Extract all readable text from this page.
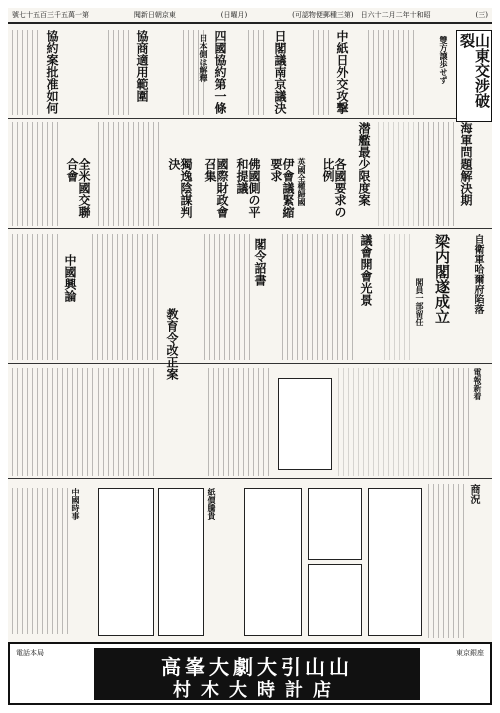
號七十五百三千五萬一第	聞新日朝京東	(日曜月)	(可認物便郵種三第)　日六十二月二年十和昭	(三)
山東交涉破裂
雙方譲歩せず
中紙日外交攻撃
日閣議南京議決
四國協約第一條
日本側は解釋
協商適用範圍
協約案批准如何
海軍問題解決期
潜艦最少限度案
各國要求の比例
英國全權歸國
伊會議緊縮要求
佛國側の平和提議
國際財政會召集
獨逸陰謀判決
全米國交聯合會
自衛軍哈爾府陷落
梁内閣遂成立
閣員一部留任
議會開會光景
閣令詔書
教育令改正案
中國興論
電報新着
商況
紙價騰貴
中國時事
電話本局
高峯大劇大引山山
村木大時計店
東京銀座
